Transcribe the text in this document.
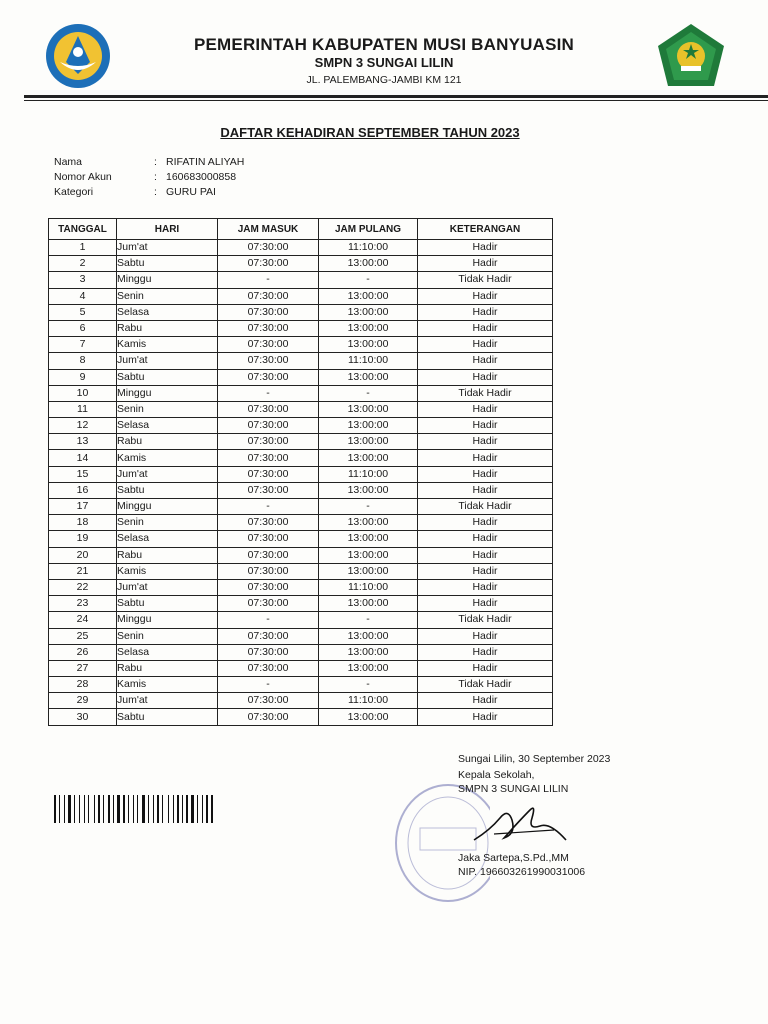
PEMERINTAH KABUPATEN MUSI BANYUASIN
SMPN 3 SUNGAI LILIN
JL. PALEMBANG-JAMBI KM 121
DAFTAR KEHADIRAN SEPTEMBER TAHUN 2023
Nama	: RIFATIN ALIYAH
Nomor Akun	: 160683000858
Kategori	: GURU PAI
TANGGAL	HARI	JAM MASUK	JAM PULANG	KETERANGAN
1	Jum'at	07:30:00	11:10:00	Hadir
2	Sabtu	07:30:00	13:00:00	Hadir
3	Minggu	-	-	Tidak Hadir
4	Senin	07:30:00	13:00:00	Hadir
5	Selasa	07:30:00	13:00:00	Hadir
6	Rabu	07:30:00	13:00:00	Hadir
7	Kamis	07:30:00	13:00:00	Hadir
8	Jum'at	07:30:00	11:10:00	Hadir
9	Sabtu	07:30:00	13:00:00	Hadir
10	Minggu	-	-	Tidak Hadir
11	Senin	07:30:00	13:00:00	Hadir
12	Selasa	07:30:00	13:00:00	Hadir
13	Rabu	07:30:00	13:00:00	Hadir
14	Kamis	07:30:00	13:00:00	Hadir
15	Jum'at	07:30:00	11:10:00	Hadir
16	Sabtu	07:30:00	13:00:00	Hadir
17	Minggu	-	-	Tidak Hadir
18	Senin	07:30:00	13:00:00	Hadir
19	Selasa	07:30:00	13:00:00	Hadir
20	Rabu	07:30:00	13:00:00	Hadir
21	Kamis	07:30:00	13:00:00	Hadir
22	Jum'at	07:30:00	11:10:00	Hadir
23	Sabtu	07:30:00	13:00:00	Hadir
24	Minggu	-	-	Tidak Hadir
25	Senin	07:30:00	13:00:00	Hadir
26	Selasa	07:30:00	13:00:00	Hadir
27	Rabu	07:30:00	13:00:00	Hadir
28	Kamis	-	-	Tidak Hadir
29	Jum'at	07:30:00	11:10:00	Hadir
30	Sabtu	07:30:00	13:00:00	Hadir
Sungai Lilin, 30 September 2023
Kepala Sekolah,
SMPN 3 SUNGAI LILIN
Jaka Sartepa,S.Pd.,MM
NIP. 196603261990031006
